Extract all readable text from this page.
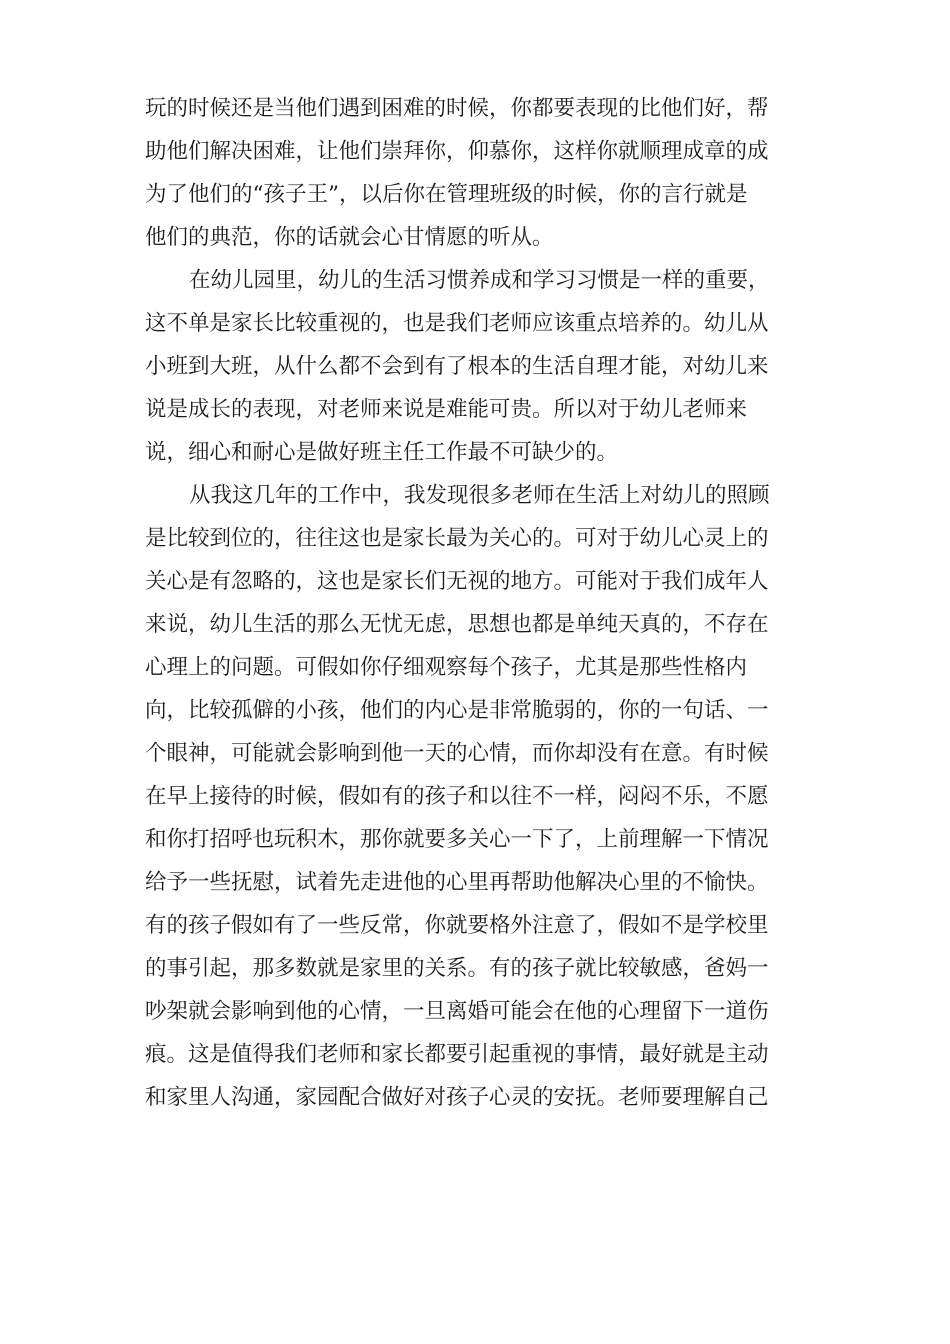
玩的时候还是当他们遇到困难的时候，你都要表现的比他们好，帮
助他们解决困难，让他们崇拜你，仰慕你，这样你就顺理成章的成
为了他们的“孩子王”，以后你在管理班级的时候，你的言行就是
他们的典范，你的话就会心甘情愿的听从。
在幼儿园里，幼儿的生活习惯养成和学习习惯是一样的重要，
这不单是家长比较重视的，也是我们老师应该重点培养的。幼儿从
小班到大班，从什么都不会到有了根本的生活自理才能，对幼儿来
说是成长的表现，对老师来说是难能可贵。所以对于幼儿老师来
说，细心和耐心是做好班主任工作最不可缺少的。
从我这几年的工作中，我发现很多老师在生活上对幼儿的照顾
是比较到位的，往往这也是家长最为关心的。可对于幼儿心灵上的
关心是有忽略的，这也是家长们无视的地方。可能对于我们成年人
来说，幼儿生活的那么无忧无虑，思想也都是单纯天真的，不存在
心理上的问题。可假如你仔细观察每个孩子，尤其是那些性格内
向，比较孤僻的小孩，他们的内心是非常脆弱的，你的一句话、一
个眼神，可能就会影响到他一天的心情，而你却没有在意。有时候
在早上接待的时候，假如有的孩子和以往不一样，闷闷不乐，不愿
和你打招呼也玩积木，那你就要多关心一下了，上前理解一下情况
给予一些抚慰，试着先走进他的心里再帮助他解决心里的不愉快。
有的孩子假如有了一些反常，你就要格外注意了，假如不是学校里
的事引起，那多数就是家里的关系。有的孩子就比较敏感，爸妈一
吵架就会影响到他的心情，一旦离婚可能会在他的心理留下一道伤
痕。这是值得我们老师和家长都要引起重视的事情，最好就是主动
和家里人沟通，家园配合做好对孩子心灵的安抚。老师要理解自己
